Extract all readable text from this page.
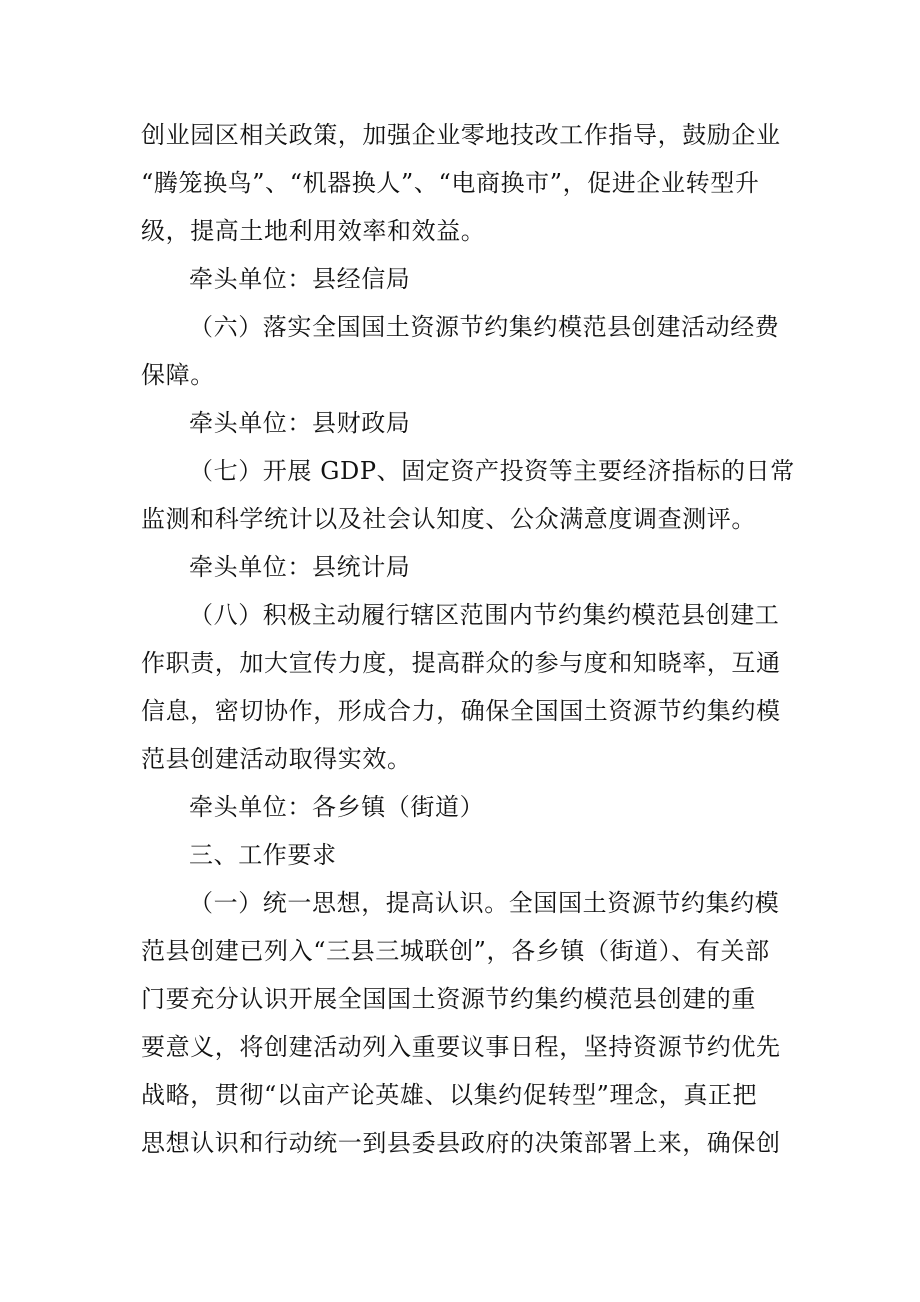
创业园区相关政策，加强企业零地技改工作指导，鼓励企业
“腾笼换鸟”、“机器换人”、“电商换市”，促进企业转型升
级，提高土地利用效率和效益。
牵头单位：县经信局
（六）落实全国国土资源节约集约模范县创建活动经费
保障。
牵头单位：县财政局
（七）开展 GDP、固定资产投资等主要经济指标的日常
监测和科学统计以及社会认知度、公众满意度调查测评。
牵头单位：县统计局
（八）积极主动履行辖区范围内节约集约模范县创建工
作职责，加大宣传力度，提高群众的参与度和知晓率，互通
信息，密切协作，形成合力，确保全国国土资源节约集约模
范县创建活动取得实效。
牵头单位：各乡镇（街道）
三、工作要求
（一）统一思想，提高认识。全国国土资源节约集约模
范县创建已列入“三县三城联创”，各乡镇（街道）、有关部
门要充分认识开展全国国土资源节约集约模范县创建的重
要意义，将创建活动列入重要议事日程，坚持资源节约优先
战略，贯彻“以亩产论英雄、以集约促转型”理念，真正把
思想认识和行动统一到县委县政府的决策部署上来，确保创
